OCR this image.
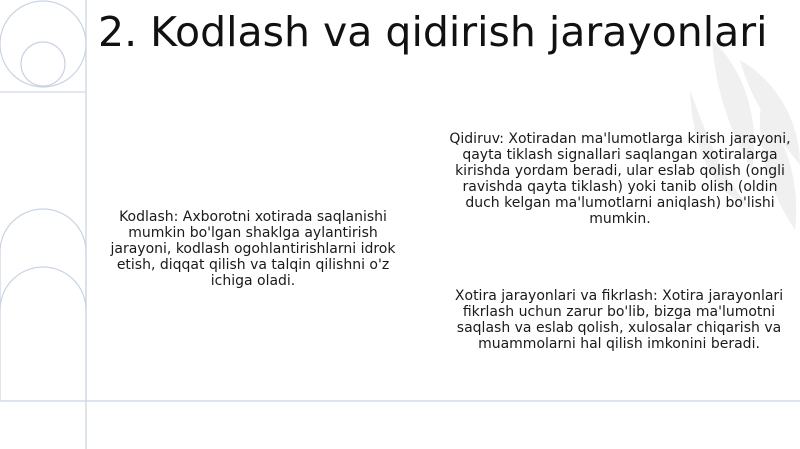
2. Kodlash va qidirish jarayonlari
Kodlash: Axborotni xotirada saqlanishi mumkin bo'lgan shaklga aylantirish jarayoni, kodlash ogohlantirishlarni idrok etish, diqqat qilish va talqin qilishni o'z ichiga oladi.
Qidiruv: Xotiradan ma'lumotlarga kirish jarayoni, qayta tiklash signallari saqlangan xotiralarga kirishda yordam beradi, ular eslab qolish (ongli ravishda qayta tiklash) yoki tanib olish (oldin duch kelgan ma'lumotlarni aniqlash) bo'lishi mumkin.
Xotira jarayonlari va fikrlash: Xotira jarayonlari fikrlash uchun zarur bo'lib, bizga ma'lumotni saqlash va eslab qolish, xulosalar chiqarish va muammolarni hal qilish imkonini beradi.
